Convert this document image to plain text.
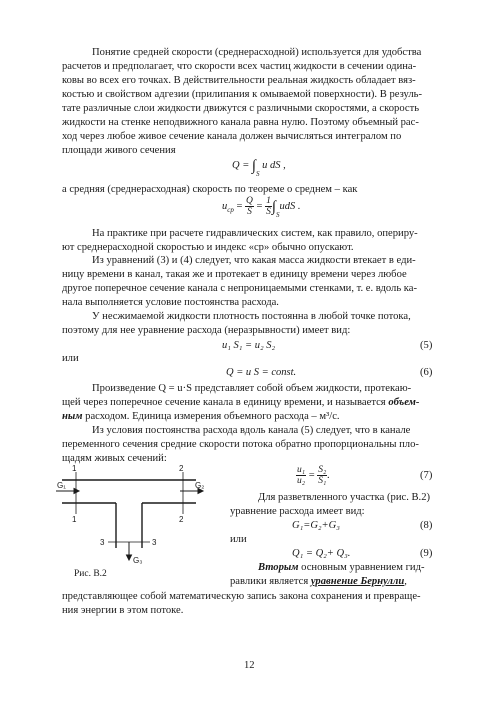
Понятие средней скорости (среднерасходной) используется для удобства
расчетов и предполагает, что скорости всех частиц жидкости в сечении одина-
ковы во всех его точках. В действительности реальная жидкость обладает вяз-
костью и свойством адгезии (прилипания к омываемой поверхности). В резуль-
тате различные слои жидкости движутся с различными скоростями, а скорость
жидкости на стенке неподвижного канала равна нулю. Поэтому объемный рас-
ход через любое живое сечение канала должен вычисляться интегралом по
площади живого сечения
$Q = \int_S$ u dS ,
а средняя (среднерасходная) скорость по теореме о среднем – как
$u_{ср} = \frac{Q}{S} = \frac{1}{S} \int_SudS$ .
На практике при расчете гидравлических систем, как правило, опериру-
ют среднерасходной скоростью и индекс «ср» обычно опускают.
Из уравнений (3) и (4) следует, что какая масса жидкости втекает в еди-
ницу времени в канал, такая же и протекает в единицу времени через любое
другое поперечное сечение канала с непроницаемыми стенками, т. е. вдоль ка-
нала выполняется условие постоянства расхода.
У несжимаемой жидкости плотность постоянна в любой точке потока,
поэтому для нее уравнение расхода (неразрывности) имеет вид:
u₁ S₁ = u₂ S₂	(5)
или
Q = u S = const.	(6)
Произведение Q = u·S представляет собой объем жидкости, протекаю-
щей через поперечное сечение канала в единицу времени, и называется объем-
ным расходом. Единица измерения объемного расхода – м³/с.
Из условия постоянства расхода вдоль канала (5) следует, что в канале
переменного сечения средние скорости потока обратно пропорциональны пло-
щадям живых сечений:
G₁	G₂
G₃
1
1
2
2
3	3
Рис. В.2
$\frac{\text{u₁}}{\text{u₂}} = \frac{\text{S₂}}{\text{S₁}}$ .	(7)
Для разветвленного участка (рис. В.2)
уравнение расхода имеет вид:
G₁=G₂+G₃	(8)
или
Q₁ = Q₂+ Q₃.	(9)
Вторым основным уравнением гид-
равлики является уравнение Бернулли,
представляющее собой математическую запись закона сохранения и превраще-
ния энергии в этом потоке.
12
